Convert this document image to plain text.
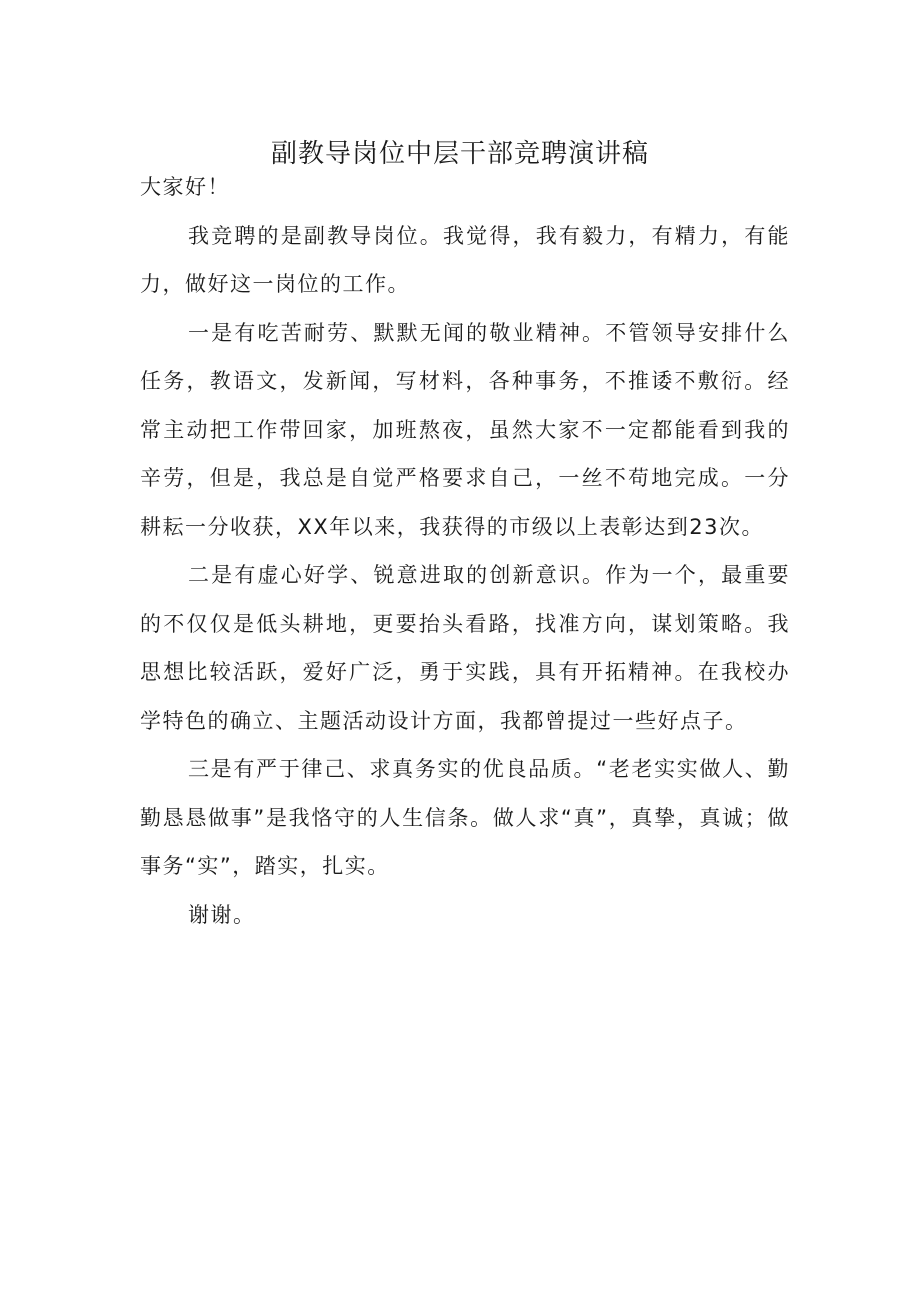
副教导岗位中层干部竞聘演讲稿

大家好！

我竞聘的是副教导岗位。我觉得，我有毅力，有精力，有能力，做好这一岗位的工作。

一是有吃苦耐劳、默默无闻的敬业精神。不管领导安排什么任务，教语文，发新闻，写材料，各种事务，不推诿不敷衍。经常主动把工作带回家，加班熬夜，虽然大家不一定都能看到我的辛劳，但是，我总是自觉严格要求自己，一丝不苟地完成。一分耕耘一分收获，XX年以来，我获得的市级以上表彰达到23次。

二是有虚心好学、锐意进取的创新意识。作为一个，最重要的不仅仅是低头耕地，更要抬头看路，找准方向，谋划策略。我思想比较活跃，爱好广泛，勇于实践，具有开拓精神。在我校办学特色的确立、主题活动设计方面，我都曾提过一些好点子。

三是有严于律己、求真务实的优良品质。“老老实实做人、勤勤恳恳做事”是我恪守的人生信条。做人求“真”，真挚，真诚；做事务“实”，踏实，扎实。

谢谢。
